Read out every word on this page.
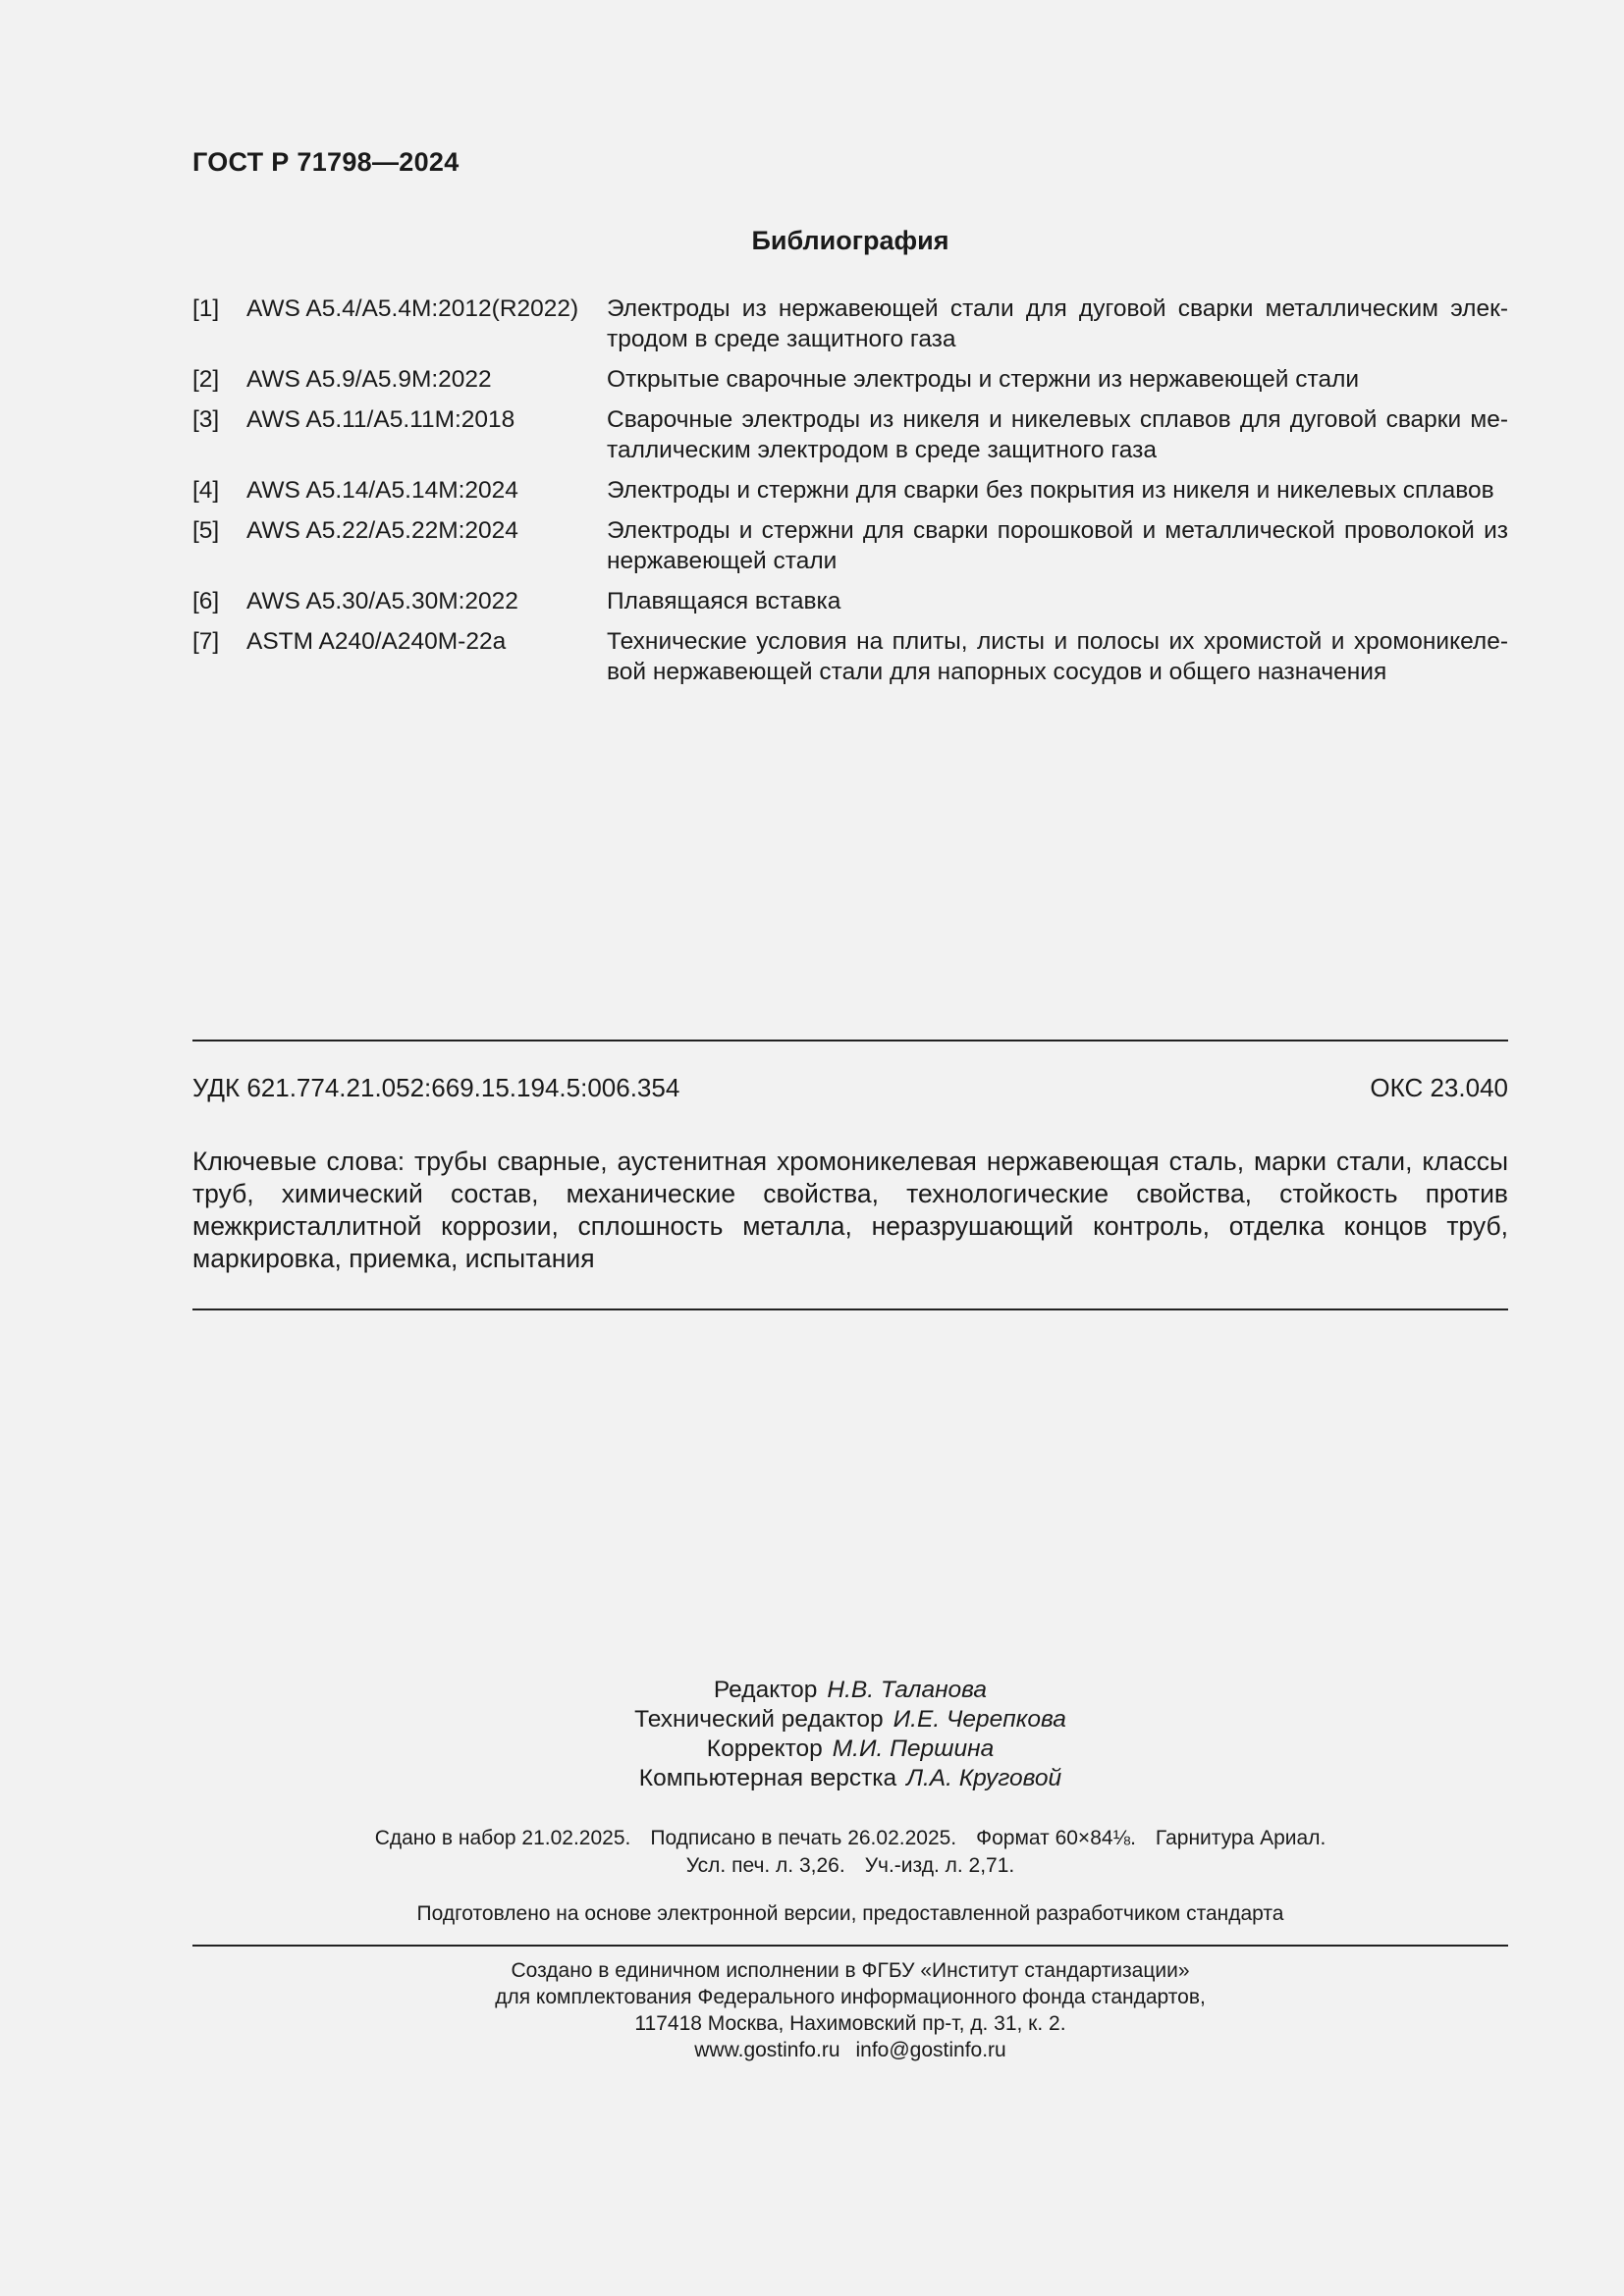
ГОСТ Р 71798—2024
Библиография
[1]	AWS A5.4/A5.4M:2012(R2022)	Электроды из нержавеющей стали для дуговой сварки металлическим электродом в среде защитного газа
[2]	AWS A5.9/A5.9M:2022	Открытые сварочные электроды и стержни из нержавеющей стали
[3]	AWS A5.11/A5.11M:2018	Сварочные электроды из никеля и никелевых сплавов для дуговой сварки металлическим электродом в среде защитного газа
[4]	AWS A5.14/A5.14M:2024	Электроды и стержни для сварки без покрытия из никеля и никелевых сплавов
[5]	AWS A5.22/A5.22M:2024	Электроды и стержни для сварки порошковой и металлической проволокой из нержавеющей стали
[6]	AWS A5.30/A5.30M:2022	Плавящаяся вставка
[7]	ASTM A240/A240M-22a	Технические условия на плиты, листы и полосы их хромистой и хромоникелевой нержавеющей стали для напорных сосудов и общего назначения
УДК 621.774.21.052:669.15.194.5:006.354	ОКС 23.040
Ключевые слова: трубы сварные, аустенитная хромоникелевая нержавеющая сталь, марки стали, классы труб, химический состав, механические свойства, технологические свойства, стойкость против межкристаллитной коррозии, сплошность металла, неразрушающий контроль, отделка концов труб, маркировка, приемка, испытания
Редактор Н.В. Таланова
Технический редактор И.Е. Черепкова
Корректор М.И. Першина
Компьютерная верстка Л.А. Круговой
Сдано в набор 21.02.2025. Подписано в печать 26.02.2025. Формат 60×84⅛. Гарнитура Ариал.
Усл. печ. л. 3,26. Уч.-изд. л. 2,71.
Подготовлено на основе электронной версии, предоставленной разработчиком стандарта
Создано в единичном исполнении в ФГБУ «Институт стандартизации»
для комплектования Федерального информационного фонда стандартов,
117418 Москва, Нахимовский пр-т, д. 31, к. 2.
www.gostinfo.ru info@gostinfo.ru
